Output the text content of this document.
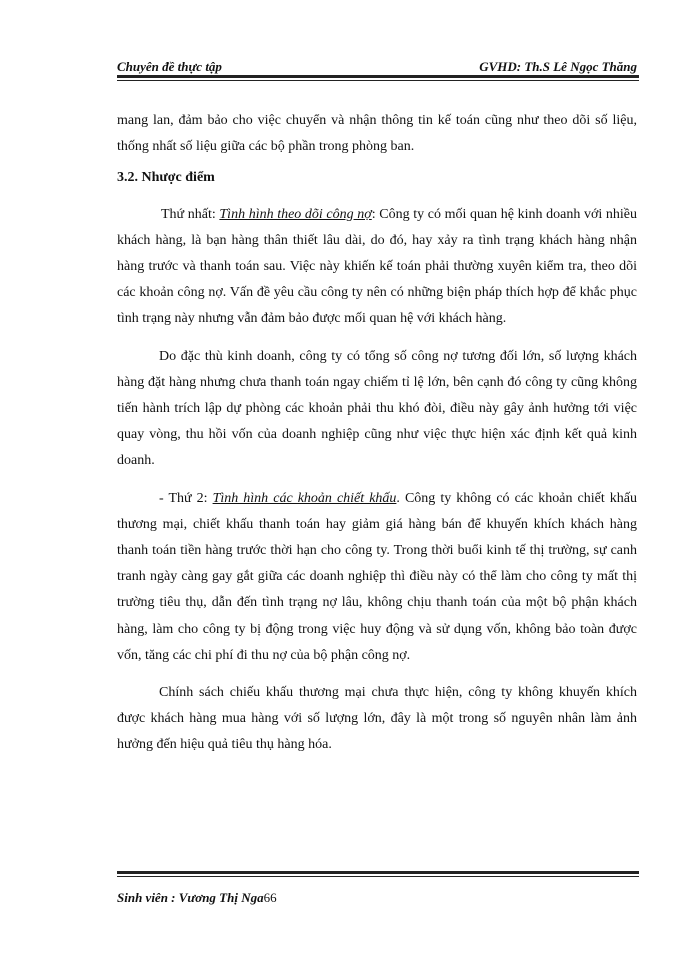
Chuyên đề thực tập	GVHD: Th.S Lê Ngọc Thăng

mang lan, đảm bảo cho việc chuyển và nhận thông tin kế toán cũng như theo dõi số liệu, thống nhất số liệu giữa các bộ phần trong phòng ban.

3.2. Nhược điểm

Thứ nhất: Tình hình theo dõi công nợ: Công ty có mối quan hệ kinh doanh với nhiều khách hàng, là bạn hàng thân thiết lâu dài, do đó, hay xảy ra tình trạng khách hàng nhận hàng trước và thanh toán sau. Việc này khiến kế toán phải thường xuyên kiểm tra, theo dõi các khoản công nợ. Vấn đề yêu cầu công ty nên có những biện pháp thích hợp để khắc phục tình trạng này nhưng vẫn đảm bảo được mối quan hệ với khách hàng.

Do đặc thù kinh doanh, công ty có tổng số công nợ tương đối lớn, số lượng khách hàng đặt hàng nhưng chưa thanh toán ngay chiếm tỉ lệ lớn, bên cạnh đó công ty cũng không tiến hành trích lập dự phòng các khoản phải thu khó đòi, điều này gây ảnh hưởng tới việc quay vòng, thu hồi vốn của doanh nghiệp cũng như việc thực hiện xác định kết quả kinh doanh.

- Thứ 2: Tình hình các khoản chiết khấu. Công ty không có các khoản chiết khấu thương mại, chiết khấu thanh toán hay giảm giá hàng bán để khuyến khích khách hàng thanh toán tiền hàng trước thời hạn cho công ty. Trong thời buổi kinh tế thị trường, sự canh tranh ngày càng gay gắt giữa các doanh nghiệp thì điều này có thể làm cho công ty mất thị trường tiêu thụ, dẫn đến tình trạng nợ lâu, không chịu thanh toán của một bộ phận khách hàng, làm cho công ty bị động trong việc huy động và sử dụng vốn, không bảo toàn được vốn, tăng các chi phí đi thu nợ của bộ phận công nợ.

Chính sách chiếu khấu thương mại chưa thực hiện, công ty không khuyến khích được khách hàng mua hàng với số lượng lớn, đây là một trong số nguyên nhân làm ảnh hưởng đến hiệu quả tiêu thụ hàng hóa.

Sinh viên : Vương Thị Nga66
